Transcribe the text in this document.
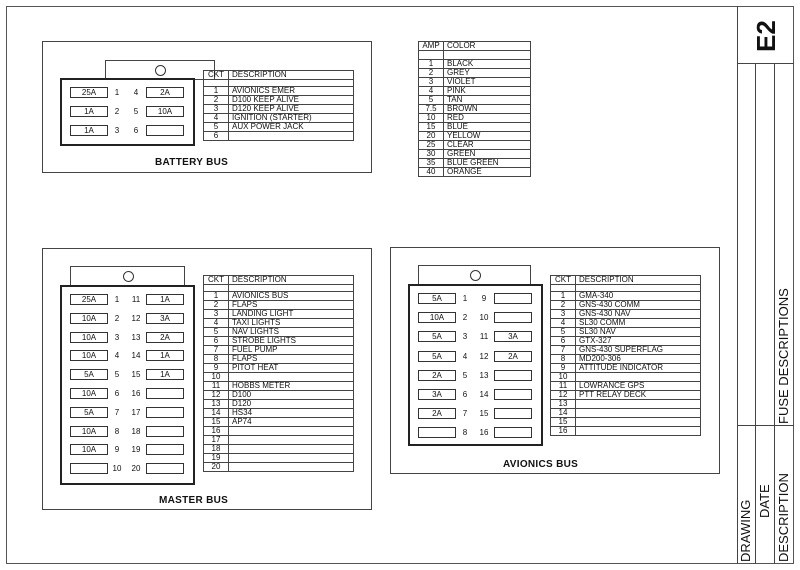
25A	1	4	2A
1A	2	5	10A
1A	3	6
CKT	DESCRIPTION

1	AVIONICS EMER
2	D100 KEEP ALIVE
3	D120 KEEP ALIVE
4	IGNITION (STARTER)
5	AUX POWER JACK
6	
BATTERY BUS
AMP	COLOR

1	BLACK
2	GREY
3	VIOLET
4	PINK
5	TAN
7.5	BROWN
10	RED
15	BLUE
20	YELLOW
25	CLEAR
30	GREEN
35	BLUE GREEN
40	ORANGE
25A	1	11	1A
10A	2	12	3A
10A	3	13	2A
10A	4	14	1A
5A	5	15	1A
10A	6	16
5A	7	17
10A	8	18
10A	9	19
10	20
CKT	DESCRIPTION

1	AVIONICS BUS
2	FLAPS
3	LANDING LIGHT
4	TAXI LIGHTS
5	NAV LIGHTS
6	STROBE LIGHTS
7	FUEL PUMP
8	FLAPS
9	PITOT HEAT
10	
11	HOBBS METER
12	D100
13	D120
14	HS34
15	AP74
16	
17	
18	
19	
20	
MASTER BUS
5A	1	9
10A	2	10
5A	3	11	3A
5A	4	12	2A
2A	5	13
3A	6	14
2A	7	15
8	16
CKT	DESCRIPTION

1	GMA-340
2	GNS-430 COMM
3	GNS-430 NAV
4	SL30 COMM
5	SL30 NAV
6	GTX-327
7	GNS-430 SUPERFLAG
8	MD200-306
9	ATTITUDE INDICATOR
10	
11	LOWRANCE GPS
12	PTT RELAY DECK
13	
14	
15	
16	
AVIONICS BUS
E2
FUSE DESCRIPTIONS
DRAWING DATE DESCRIPTION
